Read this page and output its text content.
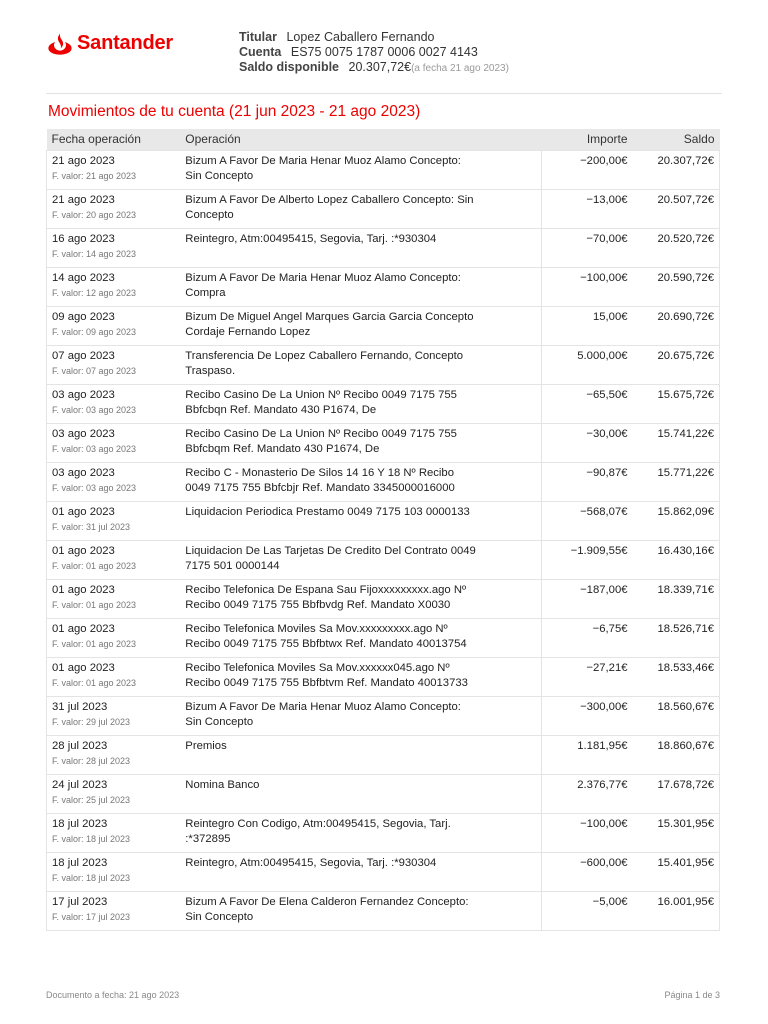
Santander	Titular Lopez Caballero Fernando
Cuenta ES75 0075 1787 0006 0027 4143
Saldo disponible 20.307,72€(a fecha 21 ago 2023)
Movimientos de tu cuenta (21 jun 2023 - 21 ago 2023)
Fecha operación	Operación	Importe	Saldo
21 ago 2023
F. valor: 21 ago 2023	Bizum A Favor De Maria Henar Muoz Alamo Concepto:
Sin Concepto	−200,00€	20.307,72€
21 ago 2023
F. valor: 20 ago 2023	Bizum A Favor De Alberto Lopez Caballero Concepto: Sin
Concepto	−13,00€	20.507,72€
16 ago 2023
F. valor: 14 ago 2023	Reintegro, Atm:00495415, Segovia, Tarj. :*930304	−70,00€	20.520,72€
14 ago 2023
F. valor: 12 ago 2023	Bizum A Favor De Maria Henar Muoz Alamo Concepto:
Compra	−100,00€	20.590,72€
09 ago 2023
F. valor: 09 ago 2023	Bizum De Miguel Angel Marques Garcia Garcia Concepto
Cordaje Fernando Lopez	15,00€	20.690,72€
07 ago 2023
F. valor: 07 ago 2023	Transferencia De Lopez Caballero Fernando, Concepto
Traspaso.	5.000,00€	20.675,72€
03 ago 2023
F. valor: 03 ago 2023	Recibo Casino De La Union Nº Recibo 0049 7175 755
Bbfcbqn Ref. Mandato 430 P1674, De	−65,50€	15.675,72€
03 ago 2023
F. valor: 03 ago 2023	Recibo Casino De La Union Nº Recibo 0049 7175 755
Bbfcbqm Ref. Mandato 430 P1674, De	−30,00€	15.741,22€
03 ago 2023
F. valor: 03 ago 2023	Recibo C - Monasterio De Silos 14 16 Y 18 Nº Recibo
0049 7175 755 Bbfcbjr Ref. Mandato 3345000016000	−90,87€	15.771,22€
01 ago 2023
F. valor: 31 jul 2023	Liquidacion Periodica Prestamo 0049 7175 103 0000133	−568,07€	15.862,09€
01 ago 2023
F. valor: 01 ago 2023	Liquidacion De Las Tarjetas De Credito Del Contrato 0049
7175 501 0000144	−1.909,55€	16.430,16€
01 ago 2023
F. valor: 01 ago 2023	Recibo Telefonica De Espana Sau Fijoxxxxxxxxx.ago Nº
Recibo 0049 7175 755 Bbfbvdg Ref. Mandato X0030	−187,00€	18.339,71€
01 ago 2023
F. valor: 01 ago 2023	Recibo Telefonica Moviles Sa Mov.xxxxxxxxx.ago Nº
Recibo 0049 7175 755 Bbfbtwx Ref. Mandato 40013754	−6,75€	18.526,71€
01 ago 2023
F. valor: 01 ago 2023	Recibo Telefonica Moviles Sa Mov.xxxxxx045.ago Nº
Recibo 0049 7175 755 Bbfbtvm Ref. Mandato 40013733	−27,21€	18.533,46€
31 jul 2023
F. valor: 29 jul 2023	Bizum A Favor De Maria Henar Muoz Alamo Concepto:
Sin Concepto	−300,00€	18.560,67€
28 jul 2023
F. valor: 28 jul 2023	Premios	1.181,95€	18.860,67€
24 jul 2023
F. valor: 25 jul 2023	Nomina Banco	2.376,77€	17.678,72€
18 jul 2023
F. valor: 18 jul 2023	Reintegro Con Codigo, Atm:00495415, Segovia, Tarj.
:*372895	−100,00€	15.301,95€
18 jul 2023
F. valor: 18 jul 2023	Reintegro, Atm:00495415, Segovia, Tarj. :*930304	−600,00€	15.401,95€
17 jul 2023
F. valor: 17 jul 2023	Bizum A Favor De Elena Calderon Fernandez Concepto:
Sin Concepto	−5,00€	16.001,95€
Documento a fecha: 21 ago 2023	Página 1 de 3
